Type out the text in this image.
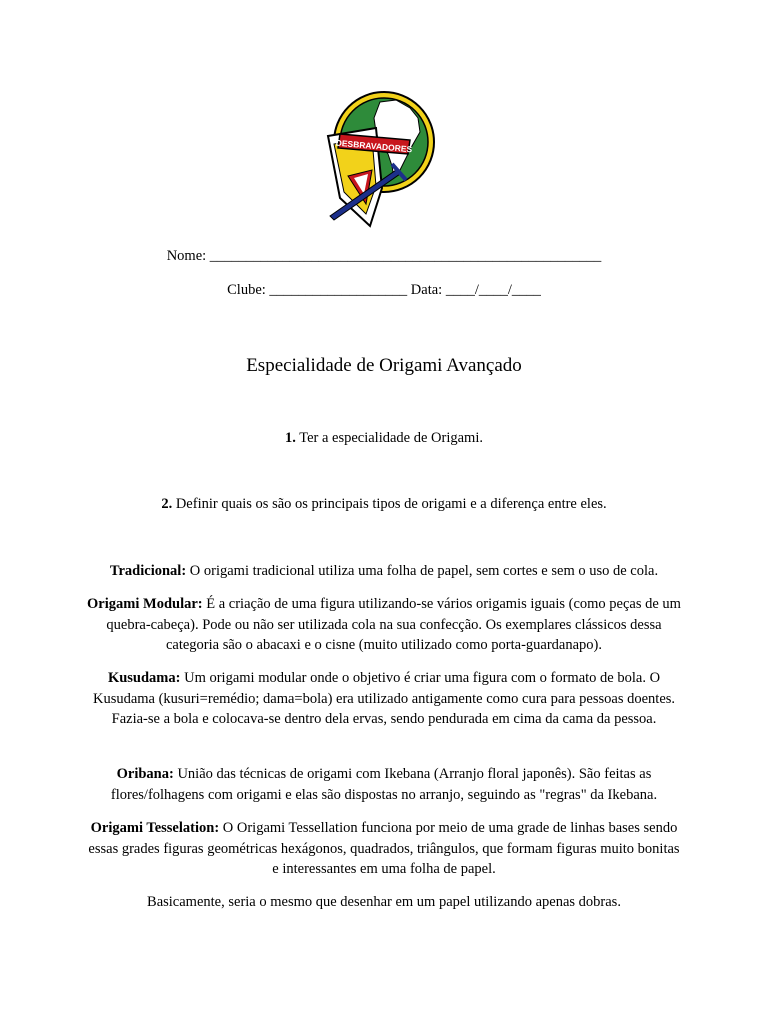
DESBRAVADORES
Nome: ______________________________________________________
Clube: ___________________ Data: ____/____/____
Especialidade de Origami Avançado
1. Ter a especialidade de Origami.
2. Definir quais os são os principais tipos de origami e a diferença entre eles.
Tradicional: O origami tradicional utiliza uma folha de papel, sem cortes e sem o uso de cola.
Origami Modular: É a criação de uma figura utilizando-se vários origamis iguais (como peças de um quebra-cabeça). Pode ou não ser utilizada cola na sua confecção. Os exemplares clássicos dessa categoria são o abacaxi e o cisne (muito utilizado como porta-guardanapo).
Kusudama: Um origami modular onde o objetivo é criar uma figura com o formato de bola. O Kusudama (kusuri=remédio; dama=bola) era utilizado antigamente como cura para pessoas doentes. Fazia-se a bola e colocava-se dentro dela ervas, sendo pendurada em cima da cama da pessoa.
Oribana: União das técnicas de origami com Ikebana (Arranjo floral japonês). São feitas as flores/folhagens com origami e elas são dispostas no arranjo, seguindo as "regras" da Ikebana.
Origami Tesselation: O Origami Tessellation funciona por meio de uma grade de linhas bases sendo essas grades figuras geométricas hexágonos, quadrados, triângulos, que formam figuras muito bonitas e interessantes em uma folha de papel.
Basicamente, seria o mesmo que desenhar em um papel utilizando apenas dobras.
